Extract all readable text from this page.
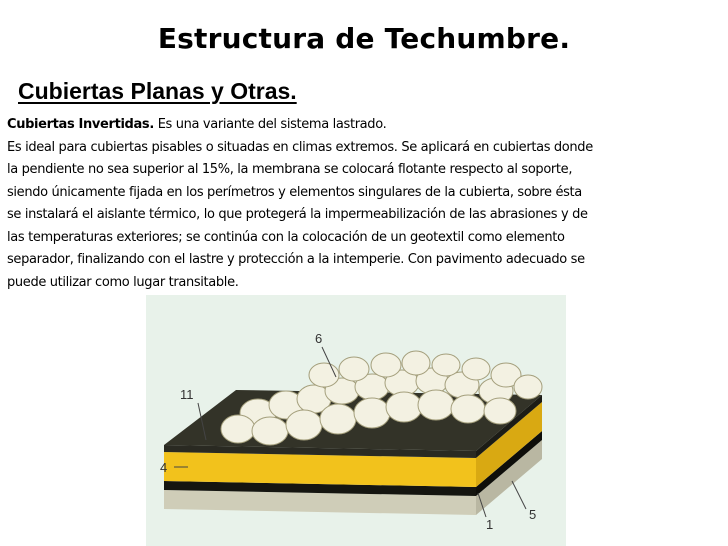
Estructura de Techumbre.
Cubiertas Planas y Otras.
Cubiertas Invertidas. Es una variante del sistema lastrado.
Es ideal para cubiertas pisables o situadas en climas extremos. Se aplicará en cubiertas donde
la pendiente no sea superior al 15%, la membrana se colocará flotante respecto al soporte,
siendo únicamente fijada en los perímetros y elementos singulares de la cubierta, sobre ésta
se instalará el aislante térmico, lo que protegerá la impermeabilización de las abrasiones y de
las temperaturas exteriores; se continúa con la colocación de un geotextil como elemento
separador, finalizando con el lastre y protección a la intemperie. Con pavimento adecuado se
puede utilizar como lugar transitable.
6
11
4
1
5
